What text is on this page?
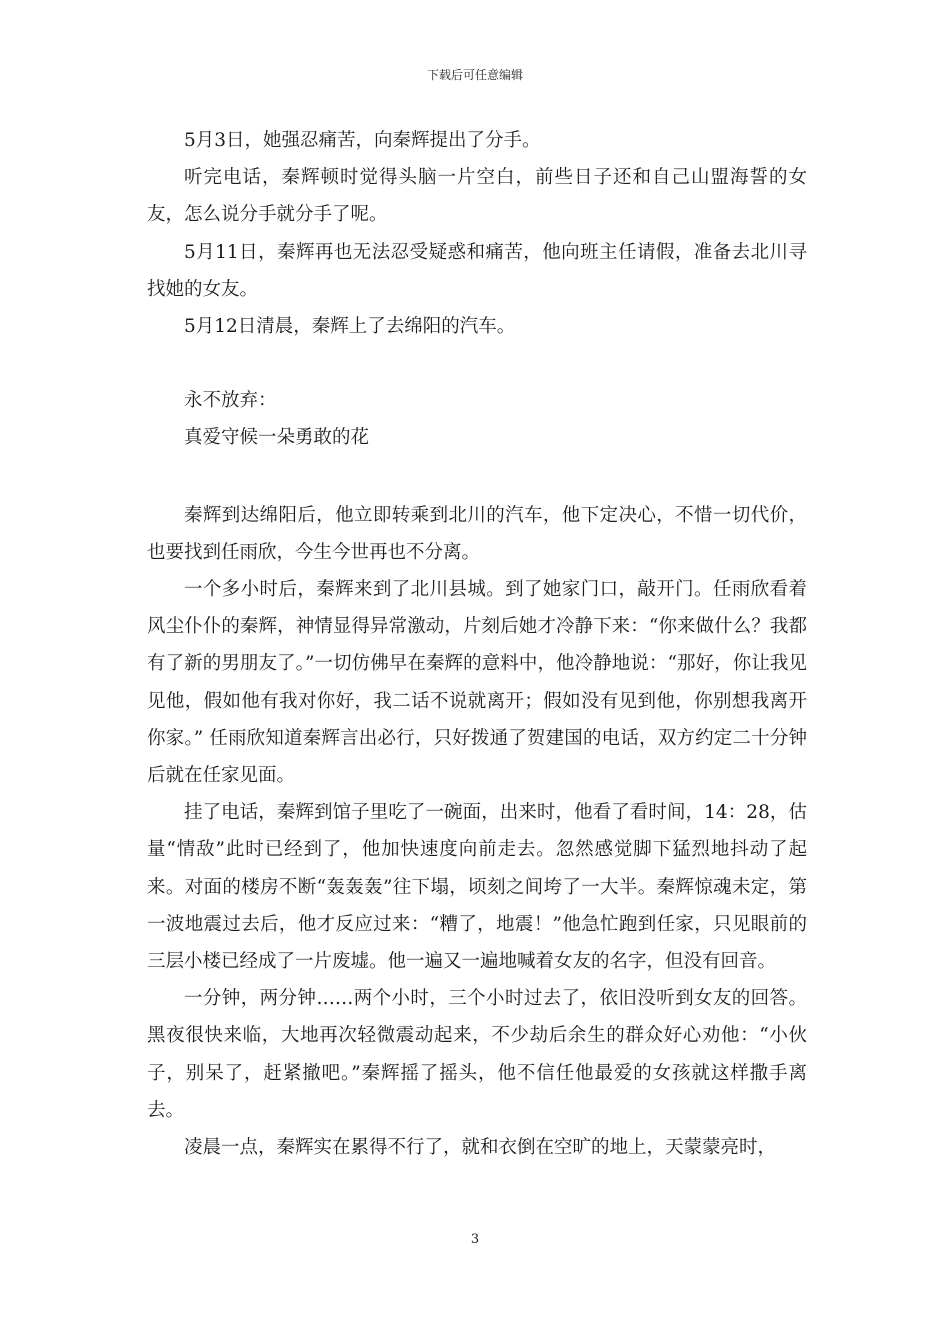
下载后可任意编辑

5月3日，她强忍痛苦，向秦辉提出了分手。

听完电话，秦辉顿时觉得头脑一片空白，前些日子还和自己山盟海誓的女友，怎么说分手就分手了呢。

5月11日，秦辉再也无法忍受疑惑和痛苦，他向班主任请假，准备去北川寻找她的女友。

5月12日清晨，秦辉上了去绵阳的汽车。

永不放弃：

真爱守候一朵勇敢的花

秦辉到达绵阳后，他立即转乘到北川的汽车，他下定决心，不惜一切代价，也要找到任雨欣，今生今世再也不分离。

一个多小时后，秦辉来到了北川县城。到了她家门口，敲开门。任雨欣看着风尘仆仆的秦辉，神情显得异常激动，片刻后她才冷静下来：“你来做什么？我都有了新的男朋友了。”一切仿佛早在秦辉的意料中，他冷静地说：“那好，你让我见见他，假如他有我对你好，我二话不说就离开；假如没有见到他，你别想我离开你家。” 任雨欣知道秦辉言出必行，只好拨通了贺建国的电话，双方约定二十分钟后就在任家见面。

挂了电话，秦辉到馆子里吃了一碗面，出来时，他看了看时间，14：28，估量“情敌”此时已经到了，他加快速度向前走去。忽然感觉脚下猛烈地抖动了起来。对面的楼房不断“轰轰轰”往下塌，顷刻之间垮了一大半。秦辉惊魂未定，第一波地震过去后，他才反应过来：“糟了，地震！”他急忙跑到任家，只见眼前的三层小楼已经成了一片废墟。他一遍又一遍地喊着女友的名字，但没有回音。

一分钟，两分钟……两个小时，三个小时过去了，依旧没听到女友的回答。黑夜很快来临，大地再次轻微震动起来，不少劫后余生的群众好心劝他：“小伙子，别呆了，赶紧撤吧。”秦辉摇了摇头，他不信任他最爱的女孩就这样撒手离去。

凌晨一点，秦辉实在累得不行了，就和衣倒在空旷的地上，天蒙蒙亮时，

3
